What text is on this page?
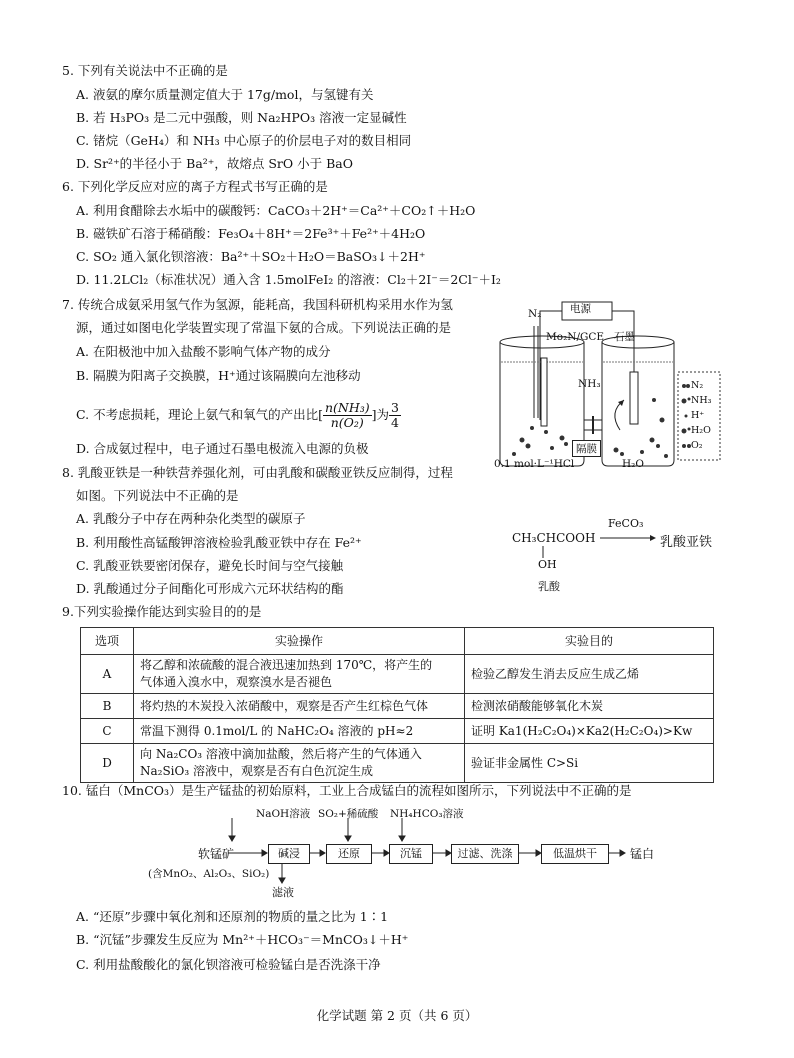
5. 下列有关说法中不正确的是
A. 液氨的摩尔质量测定值大于 17g/mol，与氢键有关
B. 若 H₃PO₃ 是二元中强酸，则 Na₂HPO₃ 溶液一定显碱性
C. 锗烷（GeH₄）和 NH₃ 中心原子的价层电子对的数目相同
D. Sr²⁺的半径小于 Ba²⁺，故熔点 SrO 小于 BaO
6. 下列化学反应对应的离子方程式书写正确的是
A. 利用食醋除去水垢中的碳酸钙：CaCO₃＋2H⁺＝Ca²⁺＋CO₂↑＋H₂O
B. 磁铁矿石溶于稀硝酸：Fe₃O₄＋8H⁺＝2Fe³⁺＋Fe²⁺＋4H₂O
C. SO₂ 通入氯化钡溶液：Ba²⁺＋SO₂＋H₂O＝BaSO₃↓＋2H⁺
D. 11.2LCl₂（标准状况）通入含 1.5molFeI₂ 的溶液：Cl₂＋2I⁻＝2Cl⁻＋I₂
7. 传统合成氨采用氢气作为氢源，能耗高，我国科研机构采用水作为氢
源，通过如图电化学装置实现了常温下氨的合成。下列说法正确的是
A. 在阳极池中加入盐酸不影响气体产物的成分
B. 隔膜为阳离子交换膜，H⁺通过该隔膜向左池移动
C. 不考虑损耗，理论上氨气和氧气的产出比[ $\frac{\text{n(NH₃)}}{\text{n(O₂)}}$ ]为 $\frac{3}{4}$
D. 合成氨过程中，电子通过石墨电极流入电源的负极
电源
N₂
Mo₂N/GCE 石墨
NH₃
隔膜
0.1 mol·L⁻¹HCl	H₂O
N₂
NH₃
H⁺
H₂O
O₂
8. 乳酸亚铁是一种铁营养强化剂，可由乳酸和碳酸亚铁反应制得，过程
如图。下列说法中不正确的是
A. 乳酸分子中存在两种杂化类型的碳原子
B. 利用酸性高锰酸钾溶液检验乳酸亚铁中存在 Fe²⁺
C. 乳酸亚铁要密闭保存，避免长时间与空气接触
D. 乳酸通过分子间酯化可形成六元环状结构的酯
CH₃CHCOOH
OH
FeCO₃
乳酸亚铁
乳酸
9.下列实验操作能达到实验目的的是
选项	实验操作	实验目的
A	将乙醇和浓硫酸的混合液迅速加热到 170℃，将产生的
气体通入溴水中，观察溴水是否褪色	检验乙醇发生消去反应生成乙烯
B	将灼热的木炭投入浓硝酸中，观察是否产生红棕色气体	检测浓硝酸能够氧化木炭
C	常温下测得 0.1mol/L 的 NaHC₂O₄ 溶液的 pH≈2	证明 Ka1(H₂C₂O₄)×Ka2(H₂C₂O₄)>Kw
D	向 Na₂CO₃ 溶液中滴加盐酸，然后将产生的气体通入
Na₂SiO₃ 溶液中，观察是否有白色沉淀生成	验证非金属性 C>Si
10. 锰白（MnCO₃）是生产锰盐的初始原料，工业上合成锰白的流程如图所示，下列说法中不正确的是
NaOH溶液 SO₂+稀硫酸 NH₄HCO₃溶液
软锰矿
(含MnO₂、Al₂O₃、SiO₂)
碱浸	还原	沉锰	过滤、洗涤	低温烘干	锰白
滤液
A. “还原”步骤中氧化剂和还原剂的物质的量之比为 1∶1
B. “沉锰”步骤发生反应为 Mn²⁺＋HCO₃⁻＝MnCO₃↓＋H⁺
C. 利用盐酸酸化的氯化钡溶液可检验锰白是否洗涤干净
化学试题 第 2 页（共 6 页）
